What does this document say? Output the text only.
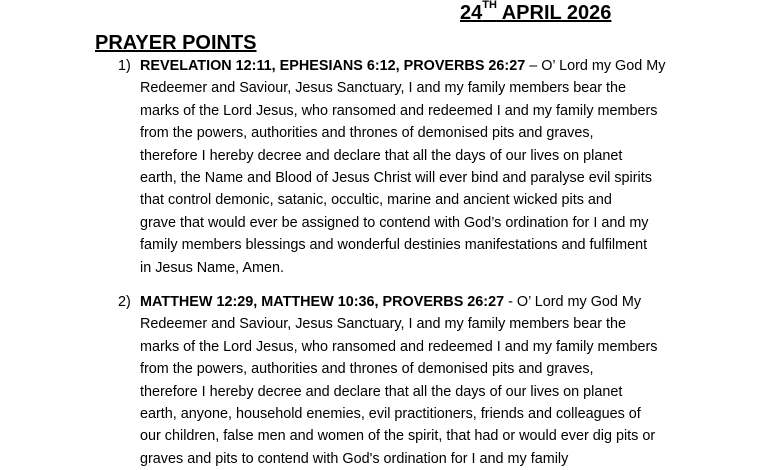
24TH APRIL 2026
PRAYER POINTS
1) REVELATION 12:11, EPHESIANS 6:12, PROVERBS 26:27 – O’ Lord my God My
Redeemer and Saviour, Jesus Sanctuary, I and my family members bear the
marks of the Lord Jesus, who ransomed and redeemed I and my family members
from the powers, authorities and thrones of demonised pits and graves,
therefore I hereby decree and declare that all the days of our lives on planet
earth, the Name and Blood of Jesus Christ will ever bind and paralyse evil spirits
that control demonic, satanic, occultic, marine and ancient wicked pits and
grave that would ever be assigned to contend with God’s ordination for I and my
family members blessings and wonderful destinies manifestations and fulfilment
in Jesus Name, Amen.
2) MATTHEW 12:29, MATTHEW 10:36, PROVERBS 26:27 - O’ Lord my God My
Redeemer and Saviour, Jesus Sanctuary, I and my family members bear the
marks of the Lord Jesus, who ransomed and redeemed I and my family members
from the powers, authorities and thrones of demonised pits and graves,
therefore I hereby decree and declare that all the days of our lives on planet
earth, anyone, household enemies, evil practitioners, friends and colleagues of
our children, false men and women of the spirit, that had or would ever dig pits or
graves and pits to contend with God's ordination for I and my family
